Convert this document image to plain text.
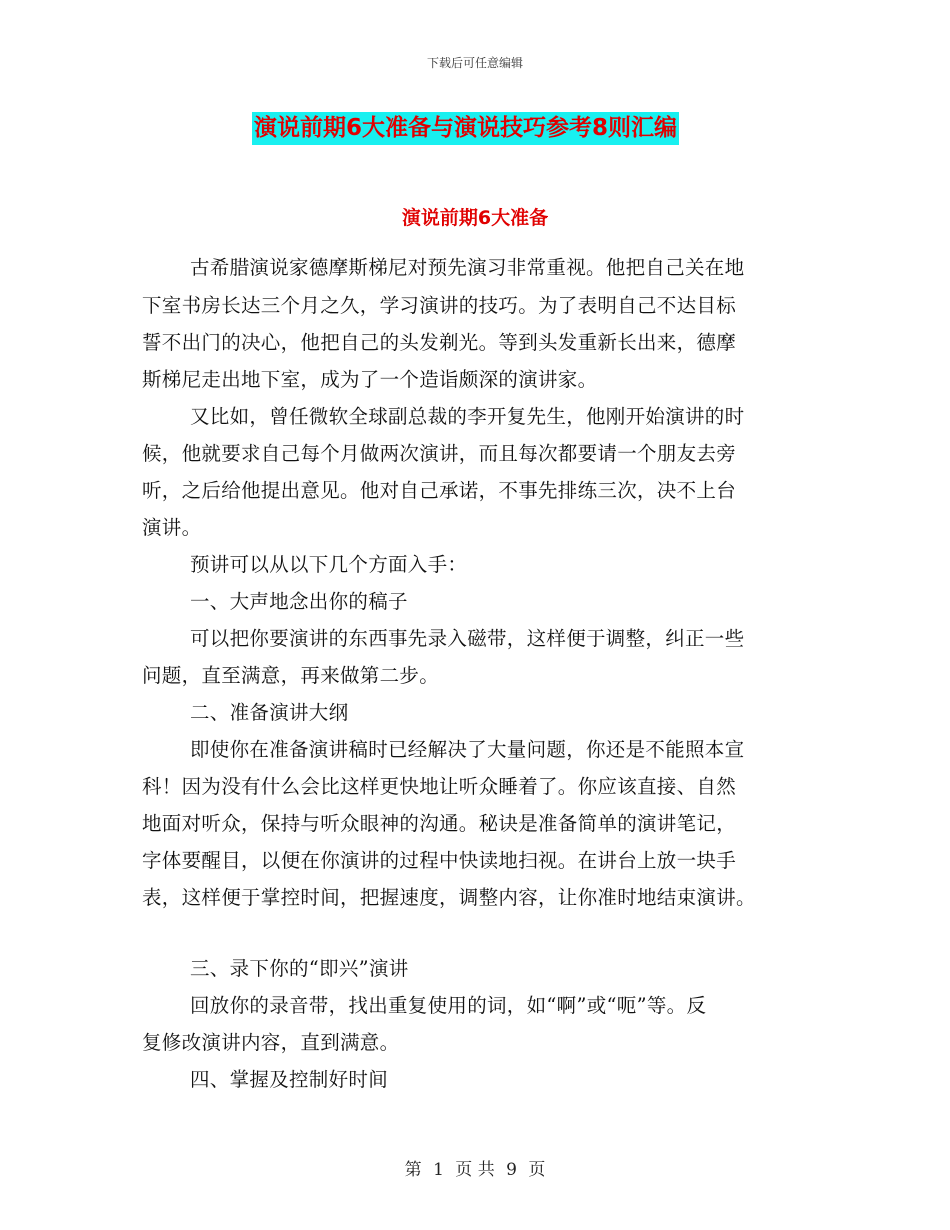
下载后可任意编辑
演说前期6大准备与演说技巧参考8则汇编
演说前期6大准备
古希腊演说家德摩斯梯尼对预先演习非常重视。他把自己关在地
下室书房长达三个月之久，学习演讲的技巧。为了表明自己不达目标
誓不出门的决心，他把自己的头发剃光。等到头发重新长出来，德摩
斯梯尼走出地下室，成为了一个造诣颇深的演讲家。
又比如，曾任微软全球副总裁的李开复先生，他刚开始演讲的时
候，他就要求自己每个月做两次演讲，而且每次都要请一个朋友去旁
听，之后给他提出意见。他对自己承诺，不事先排练三次，决不上台
演讲。
预讲可以从以下几个方面入手：
一、大声地念出你的稿子
可以把你要演讲的东西事先录入磁带，这样便于调整，纠正一些
问题，直至满意，再来做第二步。
二、准备演讲大纲
即使你在准备演讲稿时已经解决了大量问题，你还是不能照本宣
科！因为没有什么会比这样更快地让听众睡着了。你应该直接、自然
地面对听众，保持与听众眼神的沟通。秘诀是准备简单的演讲笔记，
字体要醒目，以便在你演讲的过程中快读地扫视。在讲台上放一块手
表，这样便于掌控时间，把握速度，调整内容，让你准时地结束演讲。
三、录下你的“即兴”演讲
回放你的录音带，找出重复使用的词，如“啊”或“呃”等。反
复修改演讲内容，直到满意。
四、掌握及控制好时间
第 1 页 共 9 页
